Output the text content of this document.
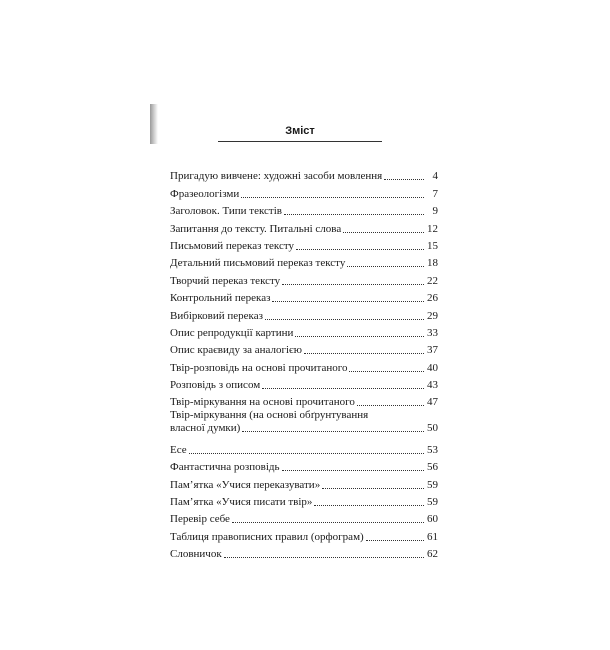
Зміст
Пригадую вивчене: художні засоби мовлення	4
Фразеологізми	7
Заголовок. Типи текстів	9
Запитання до тексту. Питальні слова	12
Письмовий переказ тексту	15
Детальний письмовий переказ тексту	18
Творчий переказ тексту	22
Контрольний переказ	26
Вибірковий переказ	29
Опис репродукції картини	33
Опис краєвиду за аналогією	37
Твір-розповідь на основі прочитаного	40
Розповідь з описом	43
Твір-міркування на основі прочитаного	47
Твір-міркування (на основі обґрунтування
власної думки)	50
Есе	53
Фантастична розповідь	56
Пам’ятка «Учися переказувати»	59
Пам’ятка «Учися писати твір»	59
Перевір себе	60
Таблиця правописних правил (орфограм)	61
Словничок	62
